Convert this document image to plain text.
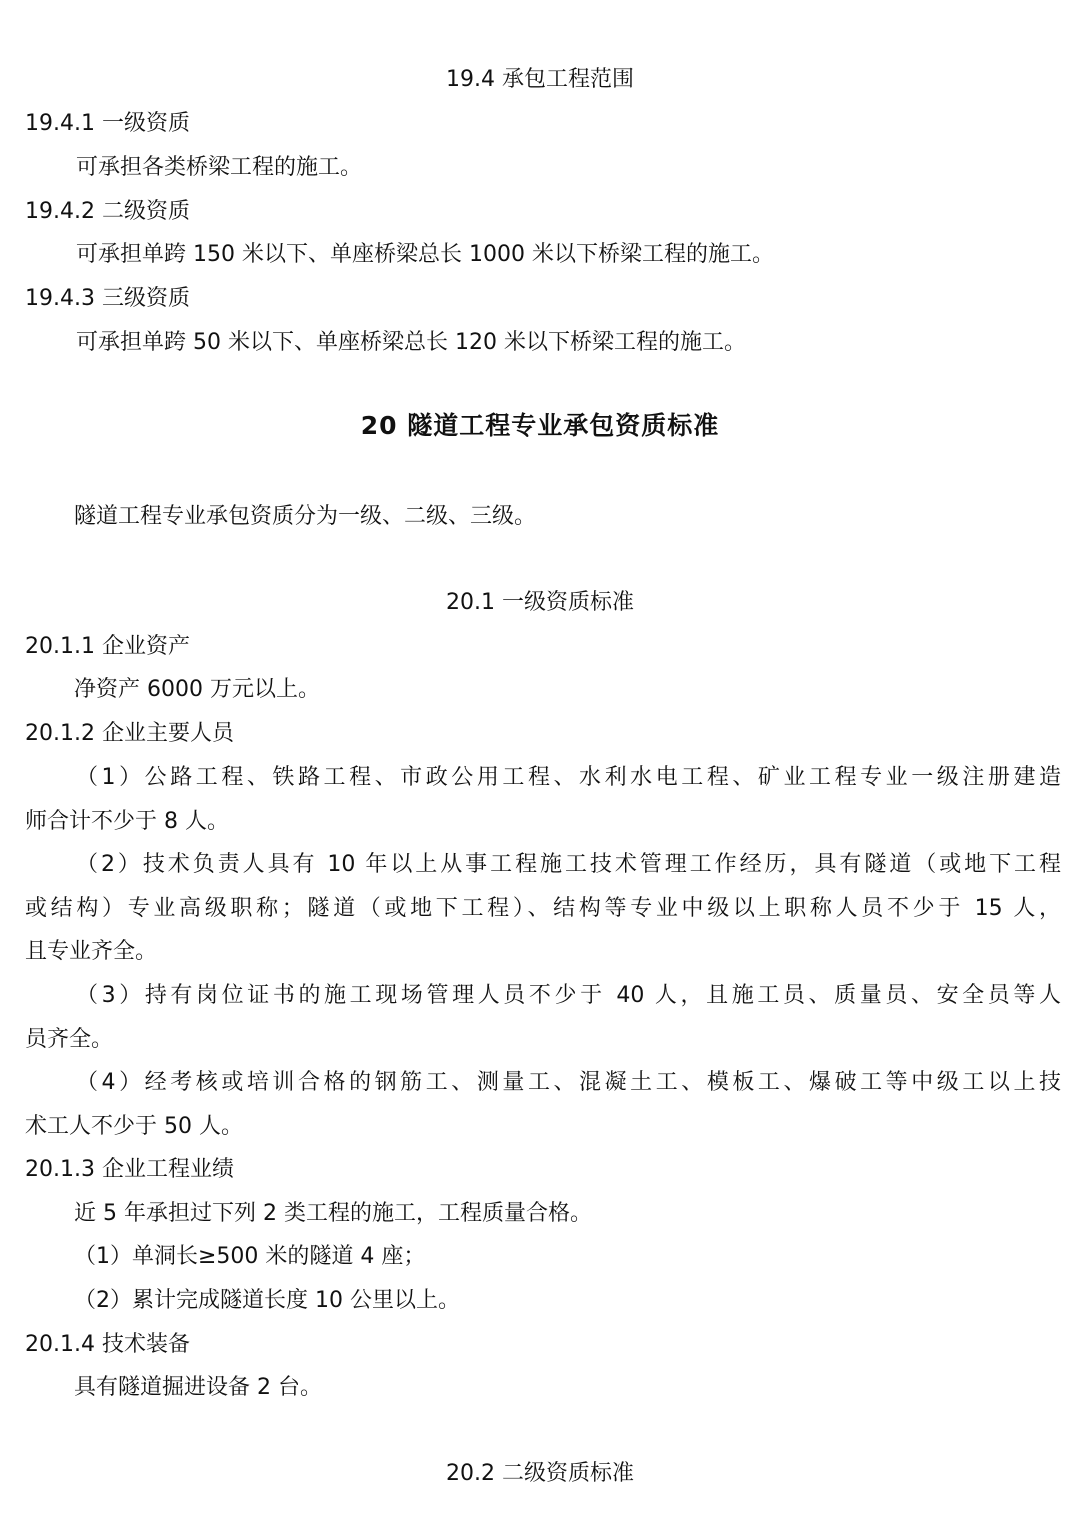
19.4 承包工程范围
19.4.1 一级资质
可承担各类桥梁工程的施工。
19.4.2 二级资质
可承担单跨 150 米以下、单座桥梁总长 1000 米以下桥梁工程的施工。
19.4.3 三级资质
可承担单跨 50 米以下、单座桥梁总长 120 米以下桥梁工程的施工。
20 隧道工程专业承包资质标准
隧道工程专业承包资质分为一级、二级、三级。
20.1 一级资质标准
20.1.1 企业资产
净资产 6000 万元以上。
20.1.2 企业主要人员
（1）公路工程、铁路工程、市政公用工程、水利水电工程、矿业工程专业一级注册建造
师合计不少于 8 人。
（2）技术负责人具有 10 年以上从事工程施工技术管理工作经历，具有隧道（或地下工程
或结构）专业高级职称；隧道（或地下工程）、结构等专业中级以上职称人员不少于 15 人，
且专业齐全。
（3）持有岗位证书的施工现场管理人员不少于 40 人，且施工员、质量员、安全员等人
员齐全。
（4）经考核或培训合格的钢筋工、测量工、混凝土工、模板工、爆破工等中级工以上技
术工人不少于 50 人。
20.1.3 企业工程业绩
近 5 年承担过下列 2 类工程的施工，工程质量合格。
（1）单洞长≥500 米的隧道 4 座；
（2）累计完成隧道长度 10 公里以上。
20.1.4 技术装备
具有隧道掘进设备 2 台。
20.2 二级资质标准
